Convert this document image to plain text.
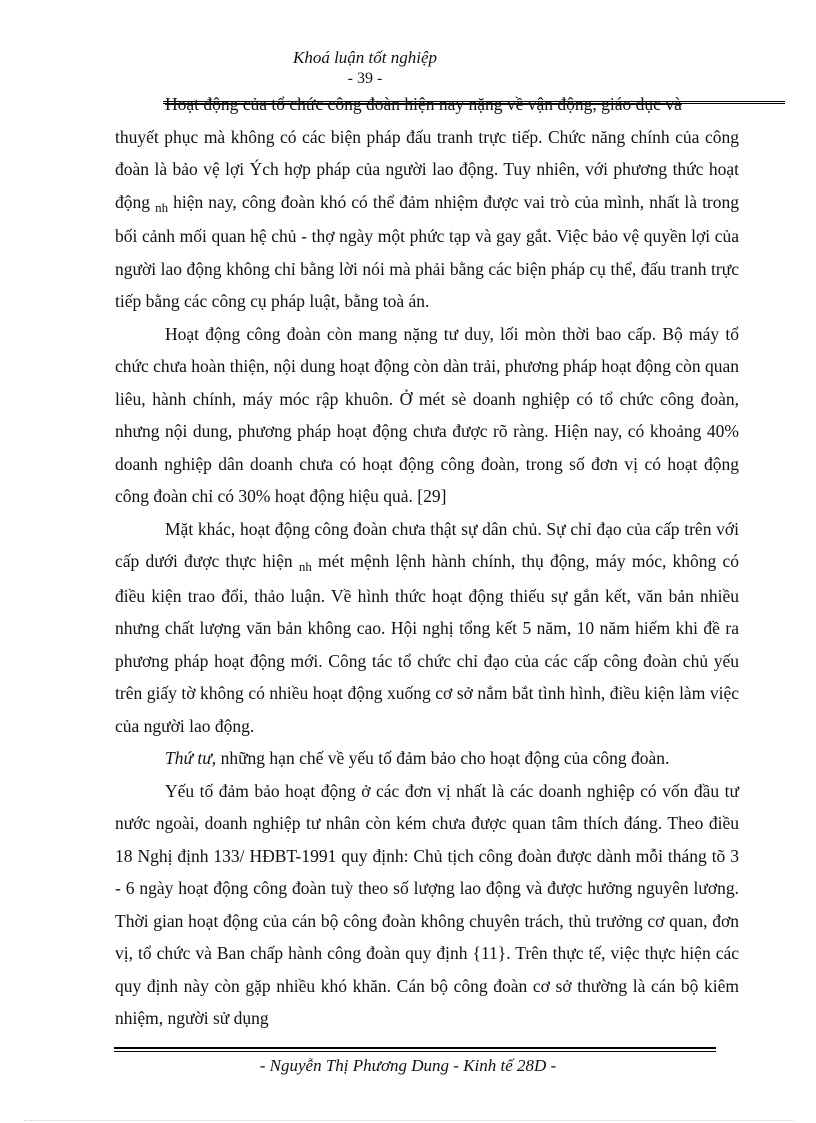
Khoá luận tốt nghiệp
- 39 -

Hoạt động của tổ chức công đoàn hiện nay nặng về vận động, giáo dục và

thuyết phục mà không có các biện pháp đấu tranh trực tiếp. Chức năng chính của công đoàn là bảo vệ lợi Ých hợp pháp của người lao động. Tuy nhiên, với phương thức hoạt động $_{nh}$ hiện nay, công đoàn khó có thể đảm nhiệm được vai trò của mình, nhất là trong bối cảnh mối quan hệ chủ - thợ ngày một phức tạp và gay gắt. Việc bảo vệ quyền lợi của người lao động không chỉ bằng lời nói mà phải bằng các biện pháp cụ thể, đấu tranh trực tiếp bằng các công cụ pháp luật, bằng toà án.

Hoạt động công đoàn còn mang nặng tư duy, lối mòn thời bao cấp. Bộ máy tổ chức chưa hoàn thiện, nội dung hoạt động còn dàn trải, phương pháp hoạt động còn quan liêu, hành chính, máy móc rập khuôn. Ở mét sè doanh nghiệp có tổ chức công đoàn, nhưng nội dung, phương pháp hoạt động chưa được rõ ràng. Hiện nay, có khoảng 40% doanh nghiệp dân doanh chưa có hoạt động công đoàn, trong số đơn vị có hoạt động công đoàn chỉ có 30% hoạt động hiệu quả. [29]

Mặt khác, hoạt động công đoàn chưa thật sự dân chủ. Sự chỉ đạo của cấp trên với cấp dưới được thực hiện $_{nh}$ mét mệnh lệnh hành chính, thụ động, máy móc, không có điều kiện trao đổi, thảo luận. Về hình thức hoạt động thiếu sự gắn kết, văn bản nhiều nhưng chất lượng văn bản không cao. Hội nghị tổng kết 5 năm, 10 năm hiếm khi đề ra phương pháp hoạt động mới. Công tác tổ chức chỉ đạo của các cấp công đoàn chủ yếu trên giấy tờ không có nhiều hoạt động xuống cơ sở nắm bắt tình hình, điều kiện làm việc của người lao động.

Thứ tư, những hạn chế về yếu tố đảm bảo cho hoạt động của công đoàn.

Yếu tố đảm bảo hoạt động ở các đơn vị nhất là các doanh nghiệp có vốn đầu tư nước ngoài, doanh nghiệp tư nhân còn kém chưa được quan tâm thích đáng. Theo điều 18 Nghị định 133/ HĐBT-1991 quy định: Chủ tịch công đoàn được dành mỗi tháng tõ 3 - 6 ngày hoạt động công đoàn tuỳ theo số lượng lao động và được hưởng nguyên lương. Thời gian hoạt động của cán bộ công đoàn không chuyên trách, thủ trưởng cơ quan, đơn vị, tổ chức và Ban chấp hành công đoàn quy định {11}. Trên thực tế, việc thực hiện các quy định này còn gặp nhiều khó khăn. Cán bộ công đoàn cơ sở thường là cán bộ kiêm nhiệm, người sử dụng

- Nguyễn Thị Phương Dung - Kinh tế 28D -
